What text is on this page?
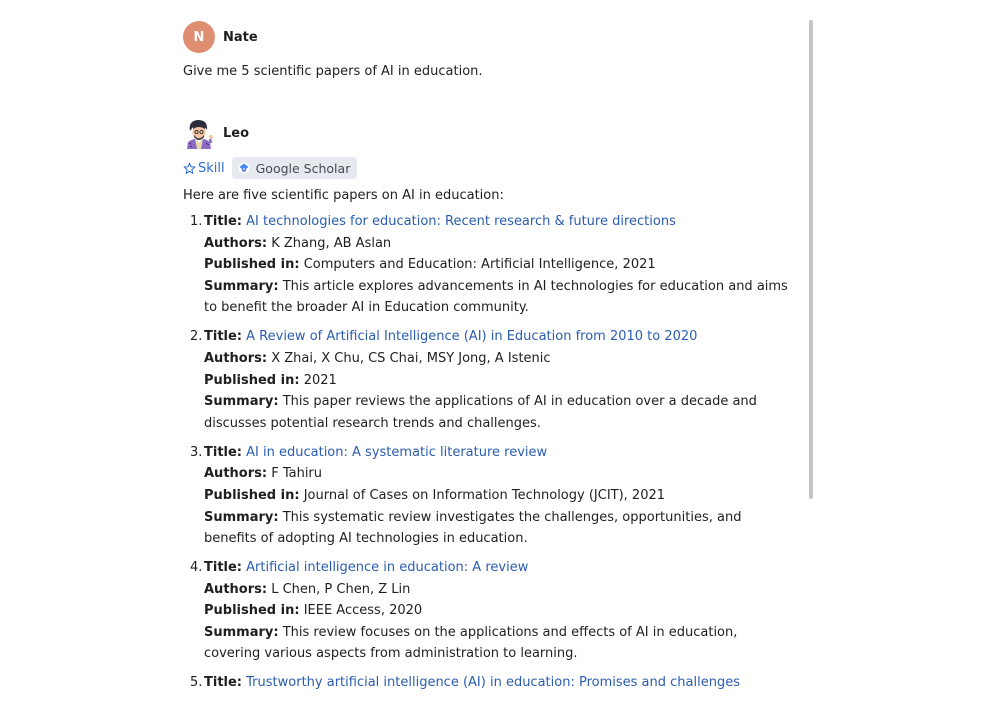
N	Nate
Give me 5 scientific papers of AI in education.
Leo
Skill Google Scholar
Here are five scientific papers on AI in education:
1. Title: AI technologies for education: Recent research & future directions
Authors: K Zhang, AB Aslan
Published in: Computers and Education: Artificial Intelligence, 2021
Summary: This article explores advancements in AI technologies for education and aims to benefit the broader AI in Education community.
2. Title: A Review of Artificial Intelligence (AI) in Education from 2010 to 2020
Authors: X Zhai, X Chu, CS Chai, MSY Jong, A Istenic
Published in: 2021
Summary: This paper reviews the applications of AI in education over a decade and discusses potential research trends and challenges.
3. Title: AI in education: A systematic literature review
Authors: F Tahiru
Published in: Journal of Cases on Information Technology (JCIT), 2021
Summary: This systematic review investigates the challenges, opportunities, and benefits of adopting AI technologies in education.
4. Title: Artificial intelligence in education: A review
Authors: L Chen, P Chen, Z Lin
Published in: IEEE Access, 2020
Summary: This review focuses on the applications and effects of AI in education, covering various aspects from administration to learning.
5. Title: Trustworthy artificial intelligence (AI) in education: Promises and challenges
